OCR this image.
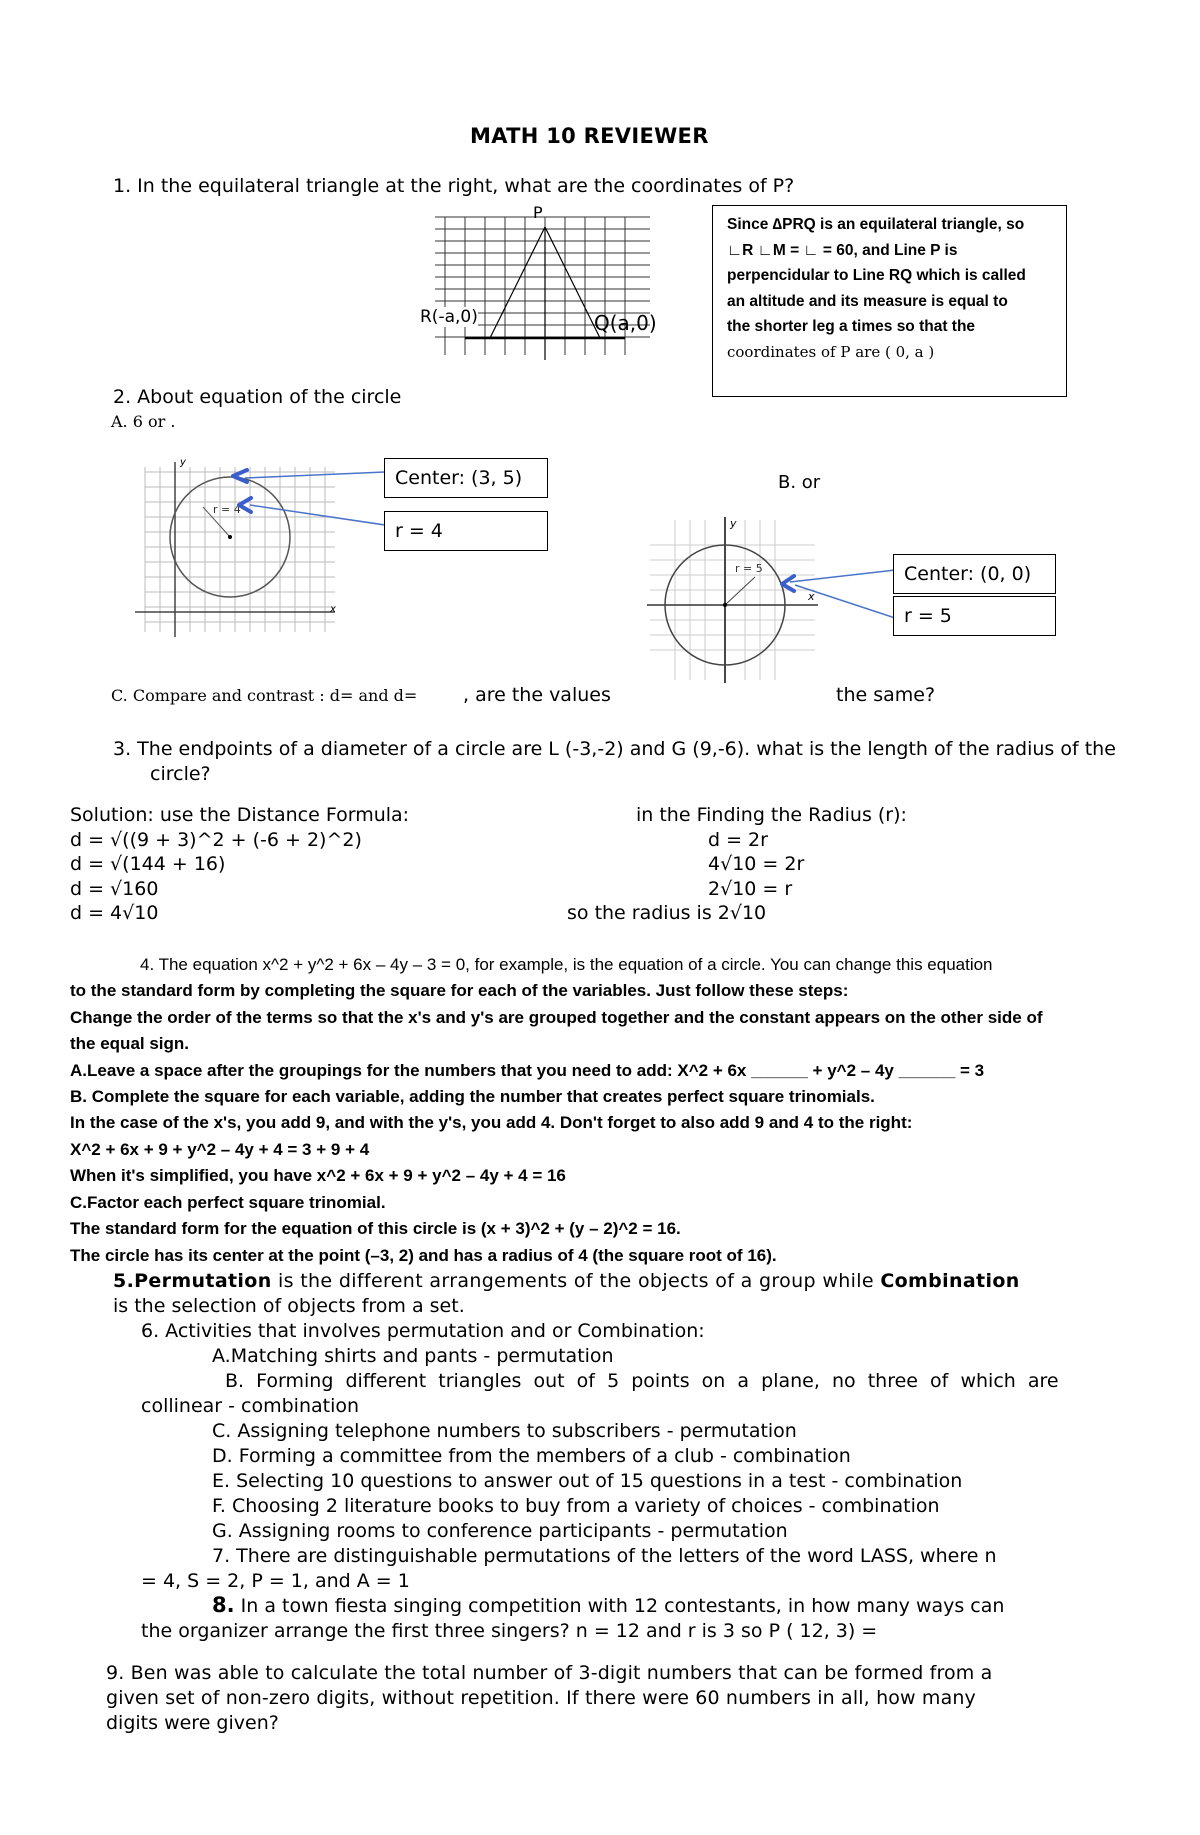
MATH 10 REVIEWER
1. In the equilateral triangle at the right, what are the coordinates of P?
P
R(-a,0)	Q(a,0)
Since ∆PRQ is an equilateral triangle, so
∟R ∟M = ∟ = 60, and Line P is
perpencidular to Line RQ which is called
an altitude and its measure is equal to
the shorter leg a times so that the
coordinates of P are ( 0, a )
2. About equation of the circle
A. 6 or .
B. or
y
x
r = 4
Center: (3, 5)
r = 4	y
x
r = 5	Center: (0, 0)
r = 5
C. Compare and contrast : d= and d= , are the values	the same?
3. The endpoints of a diameter of a circle are L (-3,-2) and G (9,-6). what is the length of the radius of the
circle?
Solution: use the Distance Formula:
d = √((9 + 3)^2 + (-6 + 2)^2)
d = √(144 + 16)
d = √160
d = 4√10
in the Finding the Radius (r):
d = 2r
4√10 = 2r
2√10 = r
so the radius is 2√10
4. The equation x^2 + y^2 + 6x – 4y – 3 = 0, for example, is the equation of a circle. You can change this equation
to the standard form by completing the square for each of the variables. Just follow these steps:
Change the order of the terms so that the x's and y's are grouped together and the constant appears on the other side of
the equal sign.
A.Leave a space after the groupings for the numbers that you need to add: X^2 + 6x ______ + y^2 – 4y ______ = 3
B. Complete the square for each variable, adding the number that creates perfect square trinomials.
In the case of the x's, you add 9, and with the y's, you add 4. Don't forget to also add 9 and 4 to the right:
X^2 + 6x + 9 + y^2 – 4y + 4 = 3 + 9 + 4
When it's simplified, you have x^2 + 6x + 9 + y^2 – 4y + 4 = 16
C.Factor each perfect square trinomial.
The standard form for the equation of this circle is (x + 3)^2 + (y – 2)^2 = 16.
The circle has its center at the point (–3, 2) and has a radius of 4 (the square root of 16).
5.Permutation is the different arrangements of the objects of a group while Combination
is the selection of objects from a set.
6. Activities that involves permutation and or Combination:
A.Matching shirts and pants - permutation
B.  Forming  different  triangles  out  of  5  points  on  a  plane,  no  three  of  which  are
collinear - combination
C. Assigning telephone numbers to subscribers - permutation
D. Forming a committee from the members of a club - combination
E. Selecting 10 questions to answer out of 15 questions in a test - combination
F. Choosing 2 literature books to buy from a variety of choices - combination
G. Assigning rooms to conference participants - permutation
7. There are distinguishable permutations of the letters of the word LASS, where n
= 4, S = 2, P = 1, and A = 1
8. In a town fiesta singing competition with 12 contestants, in how many ways can
the organizer arrange the first three singers? n = 12 and r is 3 so P ( 12, 3) =
9. Ben was able to calculate the total number of 3-digit numbers that can be formed from a
given set of non-zero digits, without repetition. If there were 60 numbers in all, how many
digits were given?
